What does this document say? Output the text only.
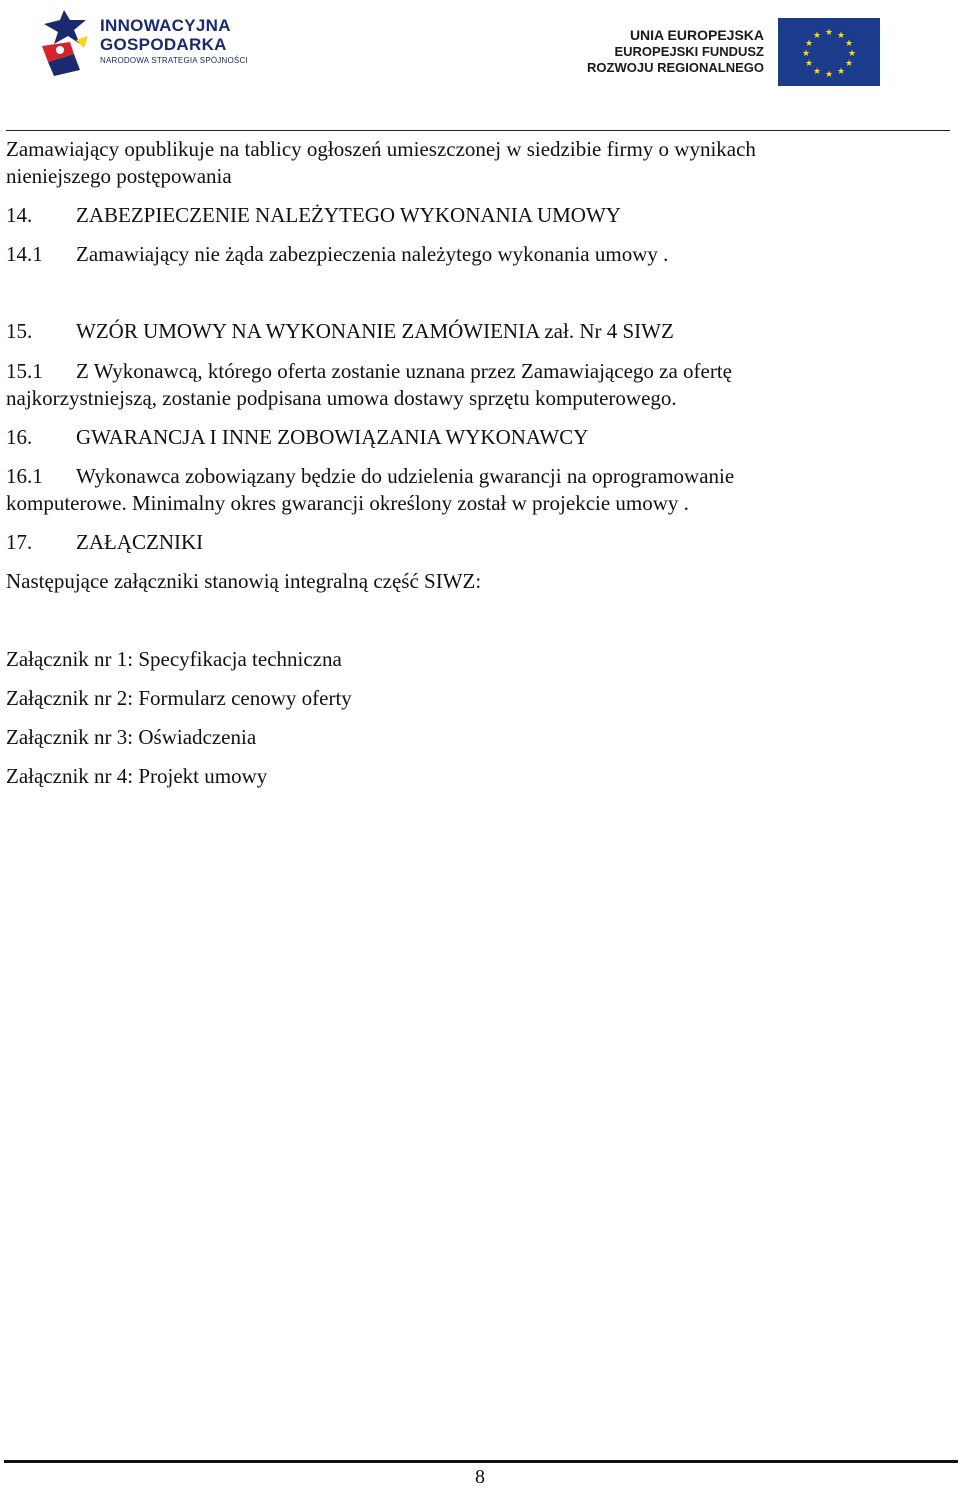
INNOWACYJNA
GOSPODARKA
NARODOWA STRATEGIA SPÓJNOŚCI
UNIA EUROPEJSKA
EUROPEJSKI FUNDUSZ
ROZWOJU REGIONALNEGO
★ ★
★
★
★
★
★
★
★
★
★
★
Zamawiający opublikuje na tablicy ogłoszeń umieszczonej w siedzibie firmy o wynikach
nieniejszego postępowania
14. ZABEZPIECZENIE NALEŻYTEGO WYKONANIA UMOWY
14.1 Zamawiający nie żąda zabezpieczenia należytego wykonania umowy .
15. WZÓR UMOWY NA WYKONANIE ZAMÓWIENIA zał. Nr 4 SIWZ
15.1 Z Wykonawcą, którego oferta zostanie uznana przez Zamawiającego za ofertę
najkorzystniejszą, zostanie podpisana umowa dostawy sprzętu komputerowego.
16. GWARANCJA I INNE ZOBOWIĄZANIA WYKONAWCY
16.1 Wykonawca zobowiązany będzie do udzielenia gwarancji na oprogramowanie
komputerowe. Minimalny okres gwarancji określony został w projekcie umowy .
17. ZAŁĄCZNIKI
Następujące załączniki stanowią integralną część SIWZ:
Załącznik nr 1: Specyfikacja techniczna
Załącznik nr 2: Formularz cenowy oferty
Załącznik nr 3: Oświadczenia
Załącznik nr 4: Projekt umowy
8
